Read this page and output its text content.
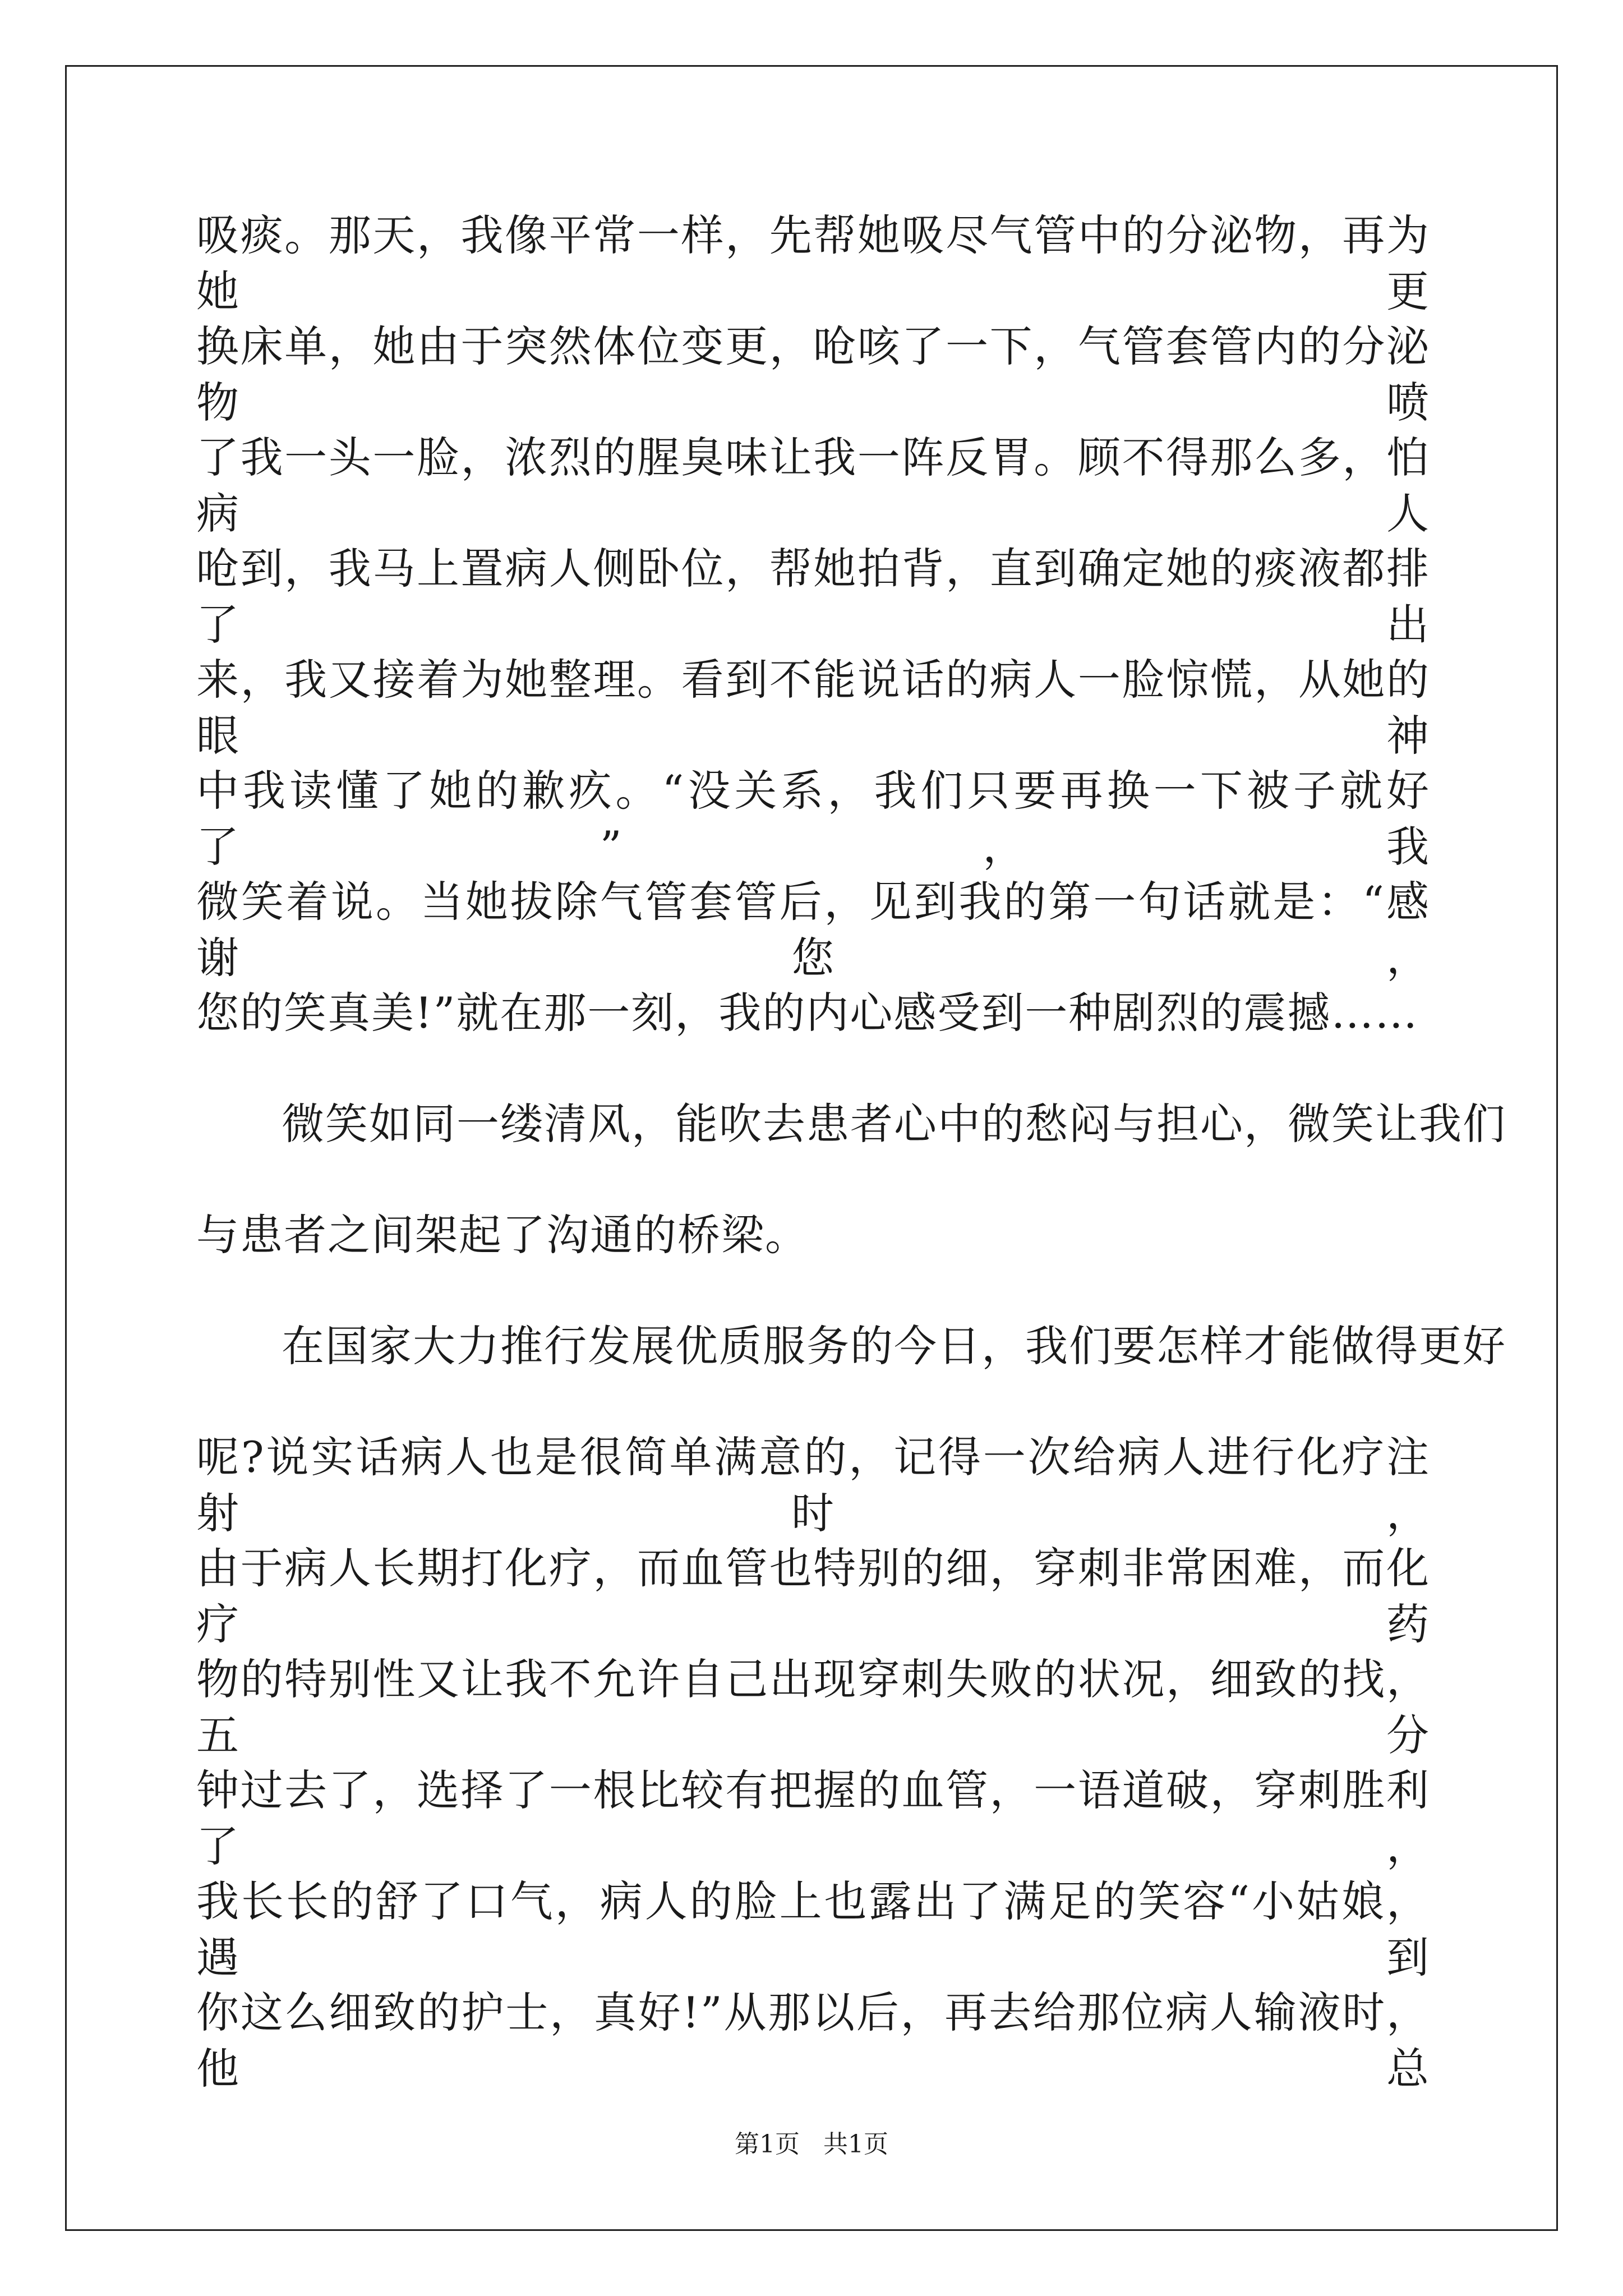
吸痰。那天，我像平常一样，先帮她吸尽气管中的分泌物，再为她更
换床单，她由于突然体位变更，呛咳了一下，气管套管内的分泌物喷
了我一头一脸，浓烈的腥臭味让我一阵反胃。顾不得那么多，怕病人
呛到，我马上置病人侧卧位，帮她拍背，直到确定她的痰液都排了出
来，我又接着为她整理。看到不能说话的病人一脸惊慌，从她的眼神
中我读懂了她的歉疚。“没关系，我们只要再换一下被子就好了”，我
微笑着说。当她拔除气管套管后，见到我的第一句话就是：“感谢您，
您的笑真美!”就在那一刻，我的内心感受到一种剧烈的震撼……
微笑如同一缕清风，能吹去患者心中的愁闷与担心，微笑让我们
与患者之间架起了沟通的桥梁。
在国家大力推行发展优质服务的今日，我们要怎样才能做得更好
呢?说实话病人也是很简单满意的，记得一次给病人进行化疗注射时，
由于病人长期打化疗，而血管也特别的细，穿刺非常困难，而化疗药
物的特别性又让我不允许自己出现穿刺失败的状况，细致的找，五分
钟过去了，选择了一根比较有把握的血管，一语道破，穿刺胜利了，
我长长的舒了口气，病人的脸上也露出了满足的笑容“小姑娘，遇到
你这么细致的护士，真好!”从那以后，再去给那位病人输液时，他总
第1页   共1页
